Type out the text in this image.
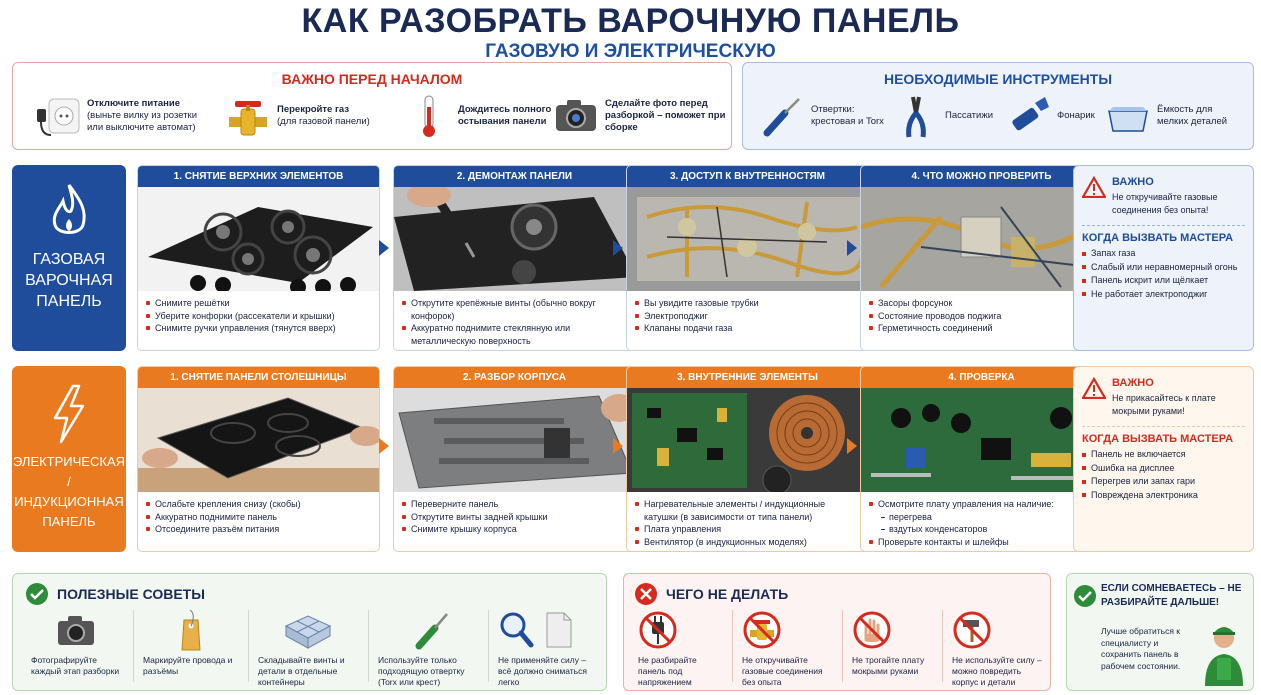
КАК РАЗОБРАТЬ ВАРОЧНУЮ ПАНЕЛЬ
ГАЗОВУЮ И ЭЛЕКТРИЧЕСКУЮ
ВАЖНО ПЕРЕД НАЧАЛОМ
Отключите питание
(выньте вилку из розетки или выключите автомат)
Перекройте газ
(для газовой панели)
Дождитесь полного остывания панели
Сделайте фото перед разборкой – поможет при сборке
НЕОБХОДИМЫЕ ИНСТРУМЕНТЫ
Отвертки: крестовая и Torx
Пассатижи	Фонарик
Ёмкость для мелких деталей
ГАЗОВАЯ ВАРОЧНАЯ ПАНЕЛЬ
1. СНЯТИЕ ВЕРХНИХ ЭЛЕМЕНТОВ
Снимите решётки
Уберите конфорки (рассекатели и крышки)
Снимите ручки управления (тянутся вверх)
2. ДЕМОНТАЖ ПАНЕЛИ
Открутите крепёжные винты (обычно вокруг конфорок)
Аккуратно поднимите стеклянную или металлическую поверхность
3. ДОСТУП К ВНУТРЕННОСТЯМ
Вы увидите газовые трубки
Электроподжиг
Клапаны подачи газа
4. ЧТО МОЖНО ПРОВЕРИТЬ
Засоры форсунок
Состояние проводов поджига
Герметичность соединений
ВАЖНО
Не откручивайте газовые соединения без опыта!
КОГДА ВЫЗВАТЬ МАСТЕРА
Запах газа
Слабый или неравномерный огонь
Панель искрит или щёлкает
Не работает электроподжиг
ЭЛЕКТРИЧЕСКАЯ / ИНДУКЦИОННАЯ ПАНЕЛЬ
1. СНЯТИЕ ПАНЕЛИ СТОЛЕШНИЦЫ
Ослабьте крепления снизу (скобы)
Аккуратно поднимите панель
Отсоедините разъём питания
2. РАЗБОР КОРПУСА
Переверните панель
Открутите винты задней крышки
Снимите крышку корпуса
3. ВНУТРЕННИЕ ЭЛЕМЕНТЫ
Нагревательные элементы / индукционные катушки (в зависимости от типа панели)
Плата управления
Вентилятор (в индукционных моделях)
4. ПРОВЕРКА
Осмотрите плату управления на наличие:
перегрева
вздутых конденсаторов
Проверьте контакты и шлейфы
ВАЖНО
Не прикасайтесь к плате мокрыми руками!
КОГДА ВЫЗВАТЬ МАСТЕРА
Панель не включается
Ошибка на дисплее
Перегрев или запах гари
Повреждена электроника
ПОЛЕЗНЫЕ СОВЕТЫ
Фотографируйте каждый этап разборки
Маркируйте провода и разъёмы
Складывайте винты и детали в отдельные контейнеры
Используйте только подходящую отвертку (Torx или крест)
Не применяйте силу – всё должно сниматься легко
ЧЕГО НЕ ДЕЛАТЬ
Не разбирайте панель под напряжением
Не откручивайте газовые соединения без опыта
Не трогайте плату мокрыми руками
Не используйте силу – можно повредить корпус и детали
ЕСЛИ СОМНЕВАЕТЕСЬ – НЕ РАЗБИРАЙТЕ ДАЛЬШЕ!
Лучше обратиться к специалисту и сохранить панель в рабочем состоянии.
